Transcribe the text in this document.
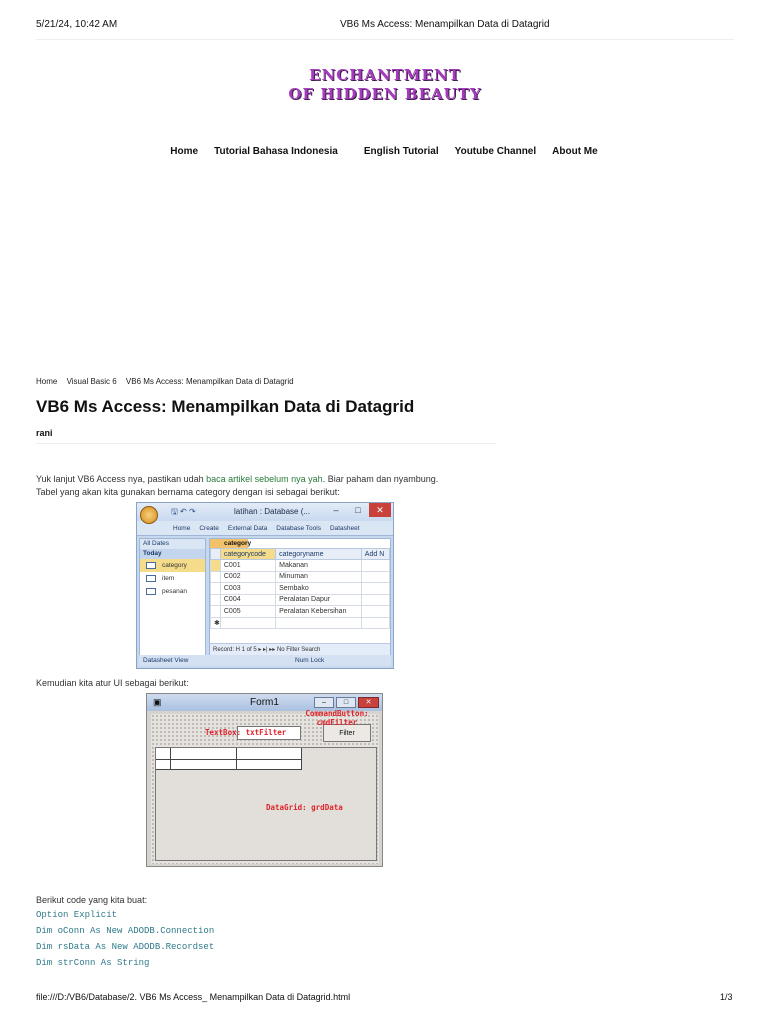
5/21/24, 10:42 AM	VB6 Ms Access: Menampilkan Data di Datagrid
ENCHANTMENT
OF HIDDEN BEAUTY
Home	Tutorial Bahasa Indonesia	English Tutorial	Youtube Channel	About Me
Home Visual Basic 6 VB6 Ms Access: Menampilkan Data di Datagrid
VB6 Ms Access: Menampilkan Data di Datagrid
rani
Yuk lanjut VB6 Access nya, pastikan udah baca artikel sebelum nya yah. Biar paham dan nyambung.
Tabel yang akan kita gunakan bernama category dengan isi sebagai berikut:
🖫 ↶ ↷	latihan : Database (...	–	□	✕
Home Create External Data Database Tools Datasheet
All Dates
Today
category
item
pesanan
category
	categorycode	categoryname	Add N
	C001	Makanan	
	C002	Minuman	
	C003	Sembako	
	C004	Peralatan Dapur	
	C005	Peralatan Kebersihan	
✱			
Record: H 1 of 5 ▸ ▸| ▸▸ No Filter Search
Datasheet View	Num Lock
Kemudian kita atur UI sebagai berikut:
▣	Form1	–	□	✕
TextBox: txtFilter	Filter
CommandButton: cmdFilter
DataGrid: grdData
Berikut code yang kita buat:
Option Explicit
Dim oConn As New ADODB.Connection
Dim rsData As New ADODB.Recordset
Dim strConn As String
file:///D:/VB6/Database/2. VB6 Ms Access_ Menampilkan Data di Datagrid.html	1/3
